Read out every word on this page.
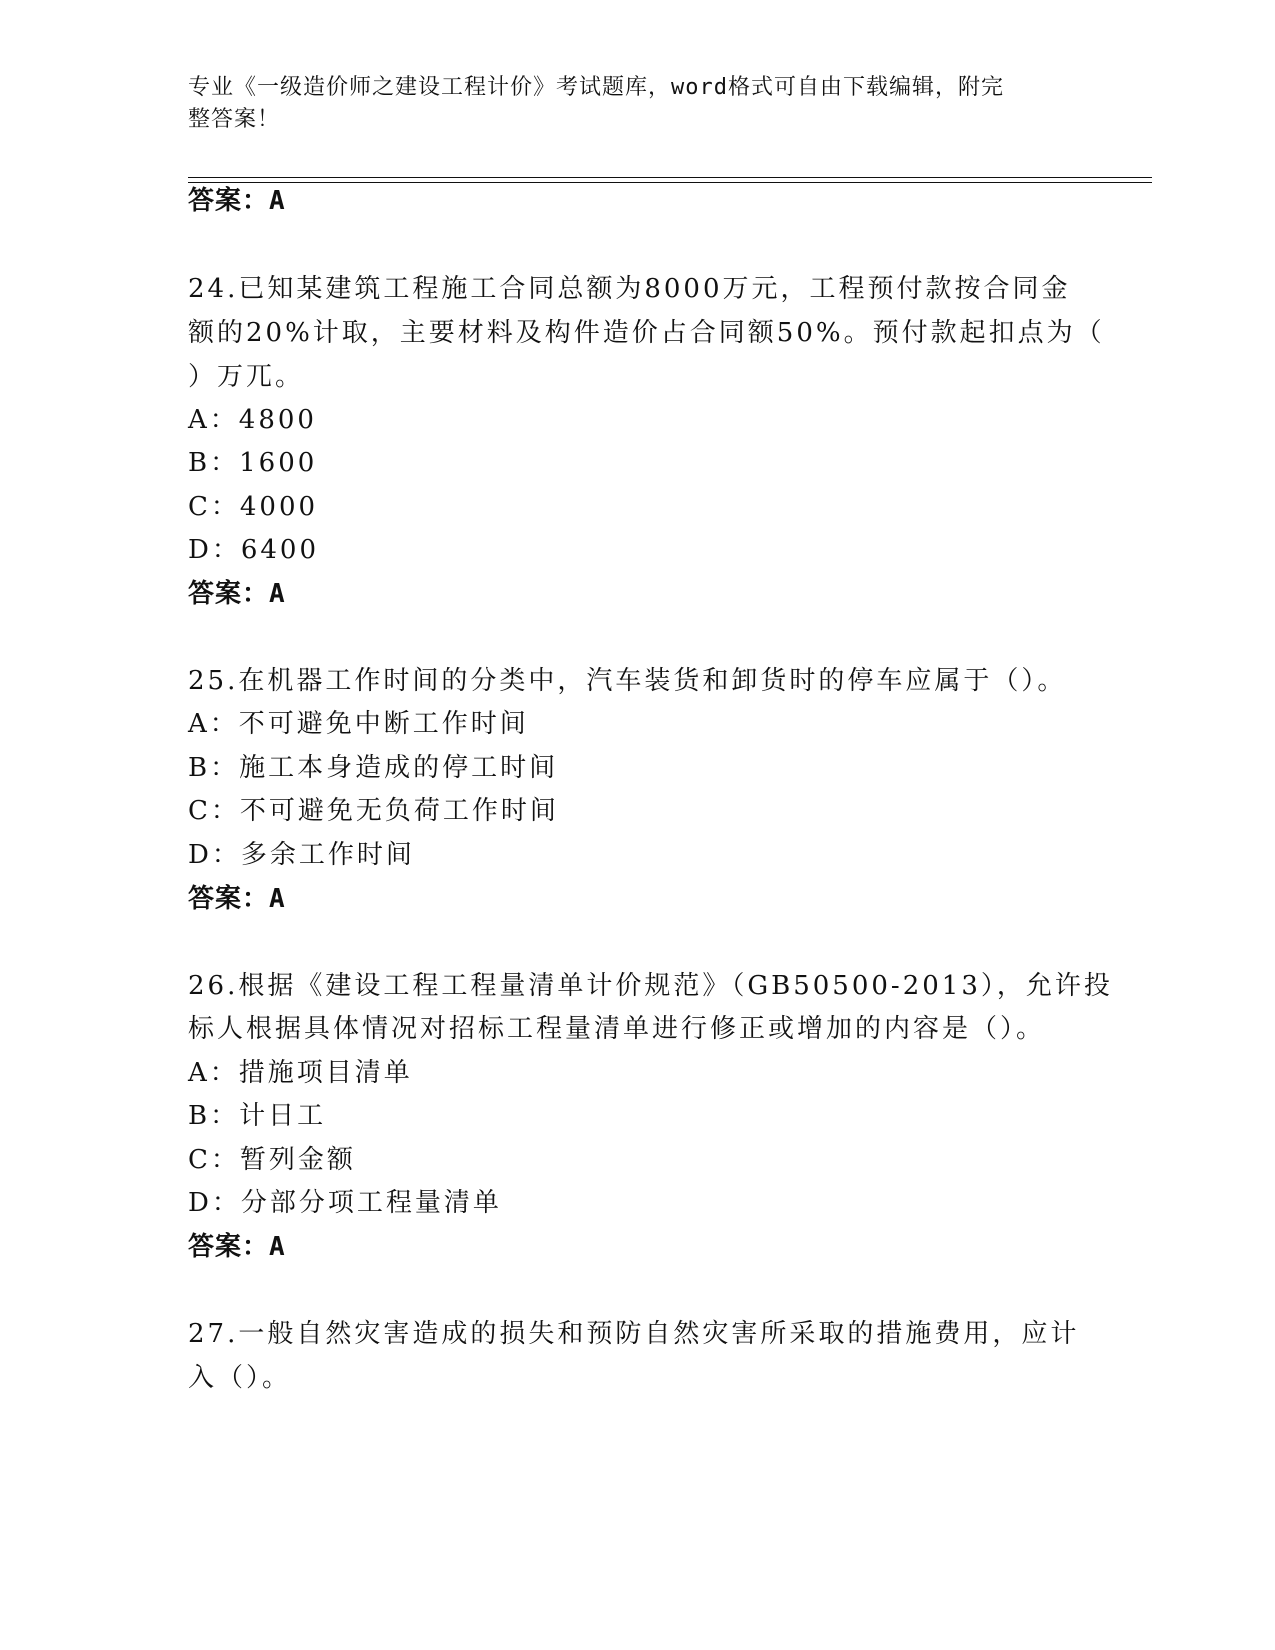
专业《一级造价师之建设工程计价》考试题库，word格式可自由下载编辑，附完
整答案！
答案：A
24.已知某建筑工程施工合同总额为8000万元，工程预付款按合同金
额的20%计取，主要材料及构件造价占合同额50%。预付款起扣点为（
）万兀。
A：4800
B：1600
C：4000
D：6400
答案：A
25.在机器工作时间的分类中，汽车装货和卸货时的停车应属于（）。
A：不可避免中断工作时间
B：施工本身造成的停工时间
C：不可避免无负荷工作时间
D：多余工作时间
答案：A
26.根据《建设工程工程量清单计价规范》（GB50500-2013），允许投
标人根据具体情况对招标工程量清单进行修正或增加的内容是（）。
A：措施项目清单
B：计日工
C：暂列金额
D：分部分项工程量清单
答案：A
27.一般自然灾害造成的损失和预防自然灾害所采取的措施费用，应计
入（）。
